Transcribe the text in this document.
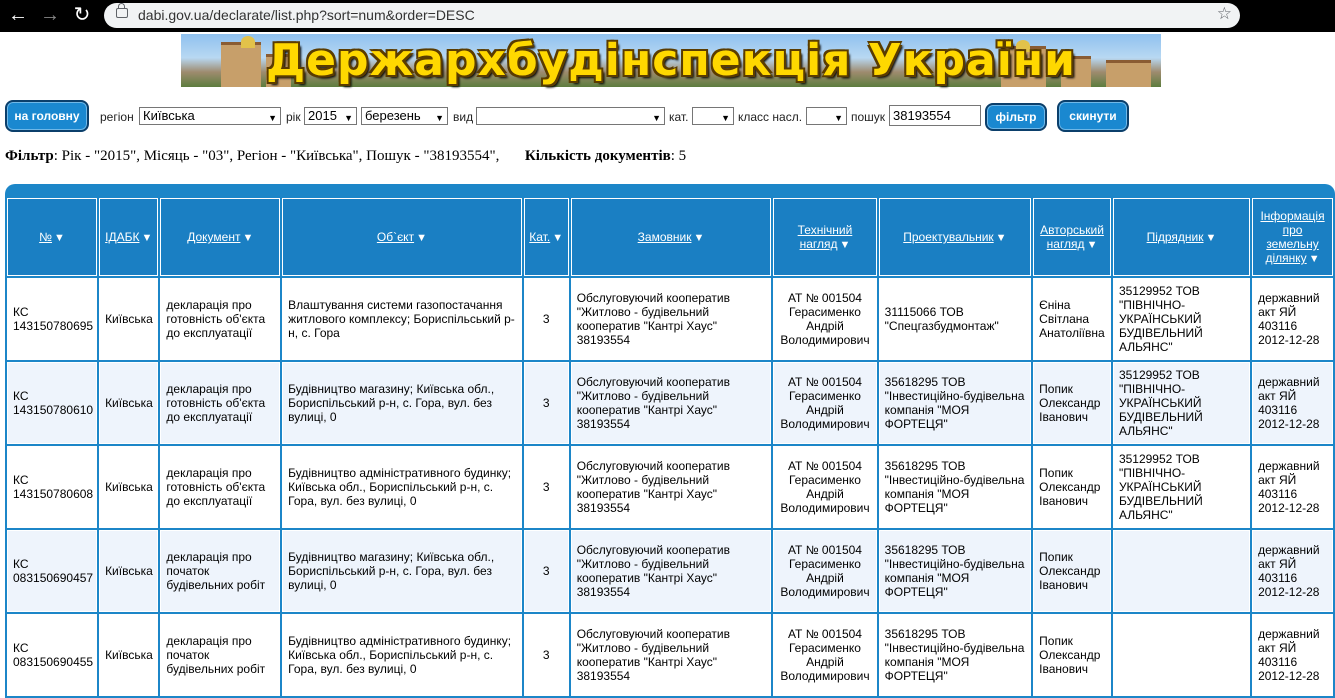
← → ↻	dabi.gov.ua/declarate/list.php?sort=num&order=DESC	☆
Держархбудінспекція України
на головну	регіон Київська	▼ рік 2015 ▼ березень ▼ вид	▼ кат.	▼ класс насл.	▼ пошук 38193554	фільтр	скинути
Фільтр: Рік - "2015", Місяць - "03", Регіон - "Київська", Пошук - "38193554", Кількість документів: 5
№ ▼	ІДАБК ▼	Документ ▼	Об`єкт ▼	Кат. ▼	Замовник ▼	Технічний нагляд ▼	Проектувальник ▼	Авторський нагляд ▼	Підрядник ▼	Інформація про земельну ділянку ▼
КС 143150780695	Київська	декларація про готовність об'єкта до експлуатації	Влаштування системи газопостачання житлового комплексу; Бориспільський р-н, с. Гора	3	Обслуговуючий кооператив "Житлово - будівельний кооператив "Кантрі Хаус" 38193554	АТ № 001504 Герасименко Андрій Володимирович	31115066 ТОВ "Спецгазбудмонтаж"	Єніна Світлана Анатоліївна	35129952 ТОВ "ПІВНІЧНО-УКРАЇНСЬКИЙ БУДІВЕЛЬНИЙ АЛЬЯНС"	державний акт ЯЙ 403116 2012-12-28
КС 143150780610	Київська	декларація про готовність об'єкта до експлуатації	Будівництво магазину; Київська обл., Бориспільський р-н, с. Гора, вул. без вулиці, 0	3	Обслуговуючий кооператив "Житлово - будівельний кооператив "Кантрі Хаус" 38193554	АТ № 001504 Герасименко Андрій Володимирович	35618295 ТОВ "Інвестиційно-будівельна компанія "МОЯ ФОРТЕЦЯ"	Попик Олександр Іванович	35129952 ТОВ "ПІВНІЧНО-УКРАЇНСЬКИЙ БУДІВЕЛЬНИЙ АЛЬЯНС"	державний акт ЯЙ 403116 2012-12-28
КС 143150780608	Київська	декларація про готовність об'єкта до експлуатації	Будівництво адміністративного будинку; Київська обл., Бориспільський р-н, с. Гора, вул. без вулиці, 0	3	Обслуговуючий кооператив "Житлово - будівельний кооператив "Кантрі Хаус" 38193554	АТ № 001504 Герасименко Андрій Володимирович	35618295 ТОВ "Інвестиційно-будівельна компанія "МОЯ ФОРТЕЦЯ"	Попик Олександр Іванович	35129952 ТОВ "ПІВНІЧНО-УКРАЇНСЬКИЙ БУДІВЕЛЬНИЙ АЛЬЯНС"	державний акт ЯЙ 403116 2012-12-28
КС 083150690457	Київська	декларація про початок будівельних робіт	Будівництво магазину; Київська обл., Бориспільський р-н, с. Гора, вул. без вулиці, 0	3	Обслуговуючий кооператив "Житлово - будівельний кооператив "Кантрі Хаус" 38193554	АТ № 001504 Герасименко Андрій Володимирович	35618295 ТОВ "Інвестиційно-будівельна компанія "МОЯ ФОРТЕЦЯ"	Попик Олександр Іванович		державний акт ЯЙ 403116 2012-12-28
КС 083150690455	Київська	декларація про початок будівельних робіт	Будівництво адміністративного будинку; Київська обл., Бориспільський р-н, с. Гора, вул. без вулиці, 0	3	Обслуговуючий кооператив "Житлово - будівельний кооператив "Кантрі Хаус" 38193554	АТ № 001504 Герасименко Андрій Володимирович	35618295 ТОВ "Інвестиційно-будівельна компанія "МОЯ ФОРТЕЦЯ"	Попик Олександр Іванович		державний акт ЯЙ 403116 2012-12-28
